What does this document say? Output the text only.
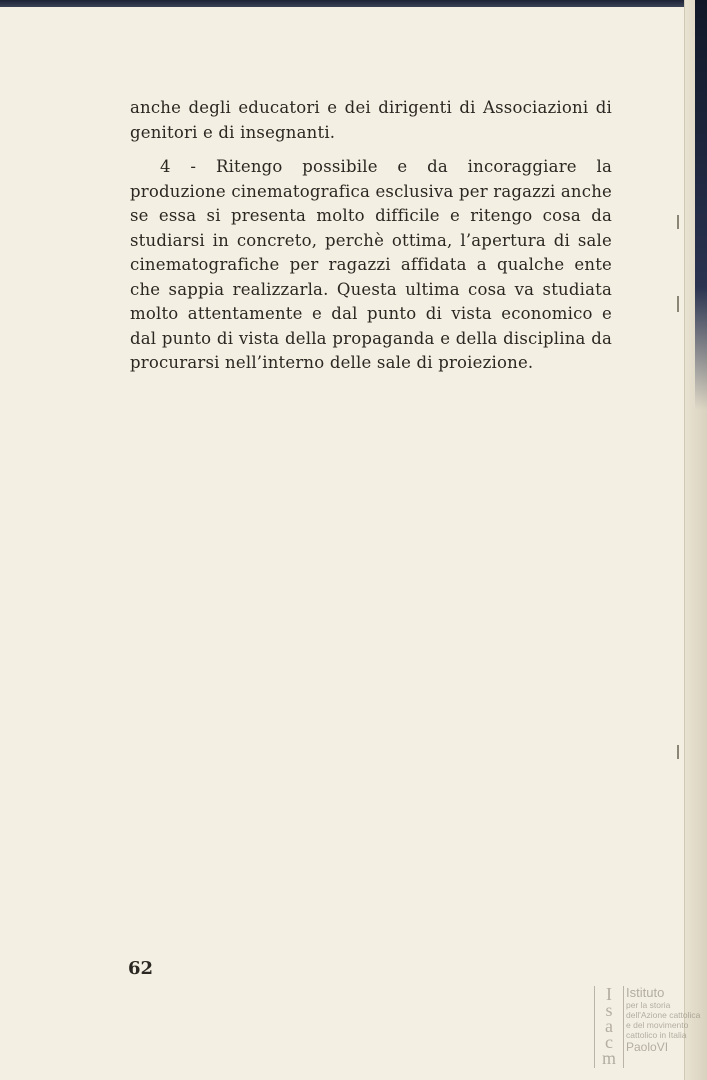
anche degli educatori e dei dirigenti di Associazioni di genitori e di insegnanti.

4 - Ritengo possibile e da incoraggiare la produzione cinematografica esclusiva per ragazzi anche se essa si presenta molto difficile e ritengo cosa da studiarsi in concreto, perchè ottima, l’apertura di sale cinematografiche per ragazzi affidata a qualche ente che sappia realizzarla. Questa ultima cosa va studiata molto attentamente e dal punto di vista economico e dal punto di vista della propaganda e della disciplina da procurarsi nell’interno delle sale di proiezione.

62
I
s
a
c
m
Istituto
per la storia
dell'Azione cattolica
e del movimento
cattolico in Italia
PaoloVI
